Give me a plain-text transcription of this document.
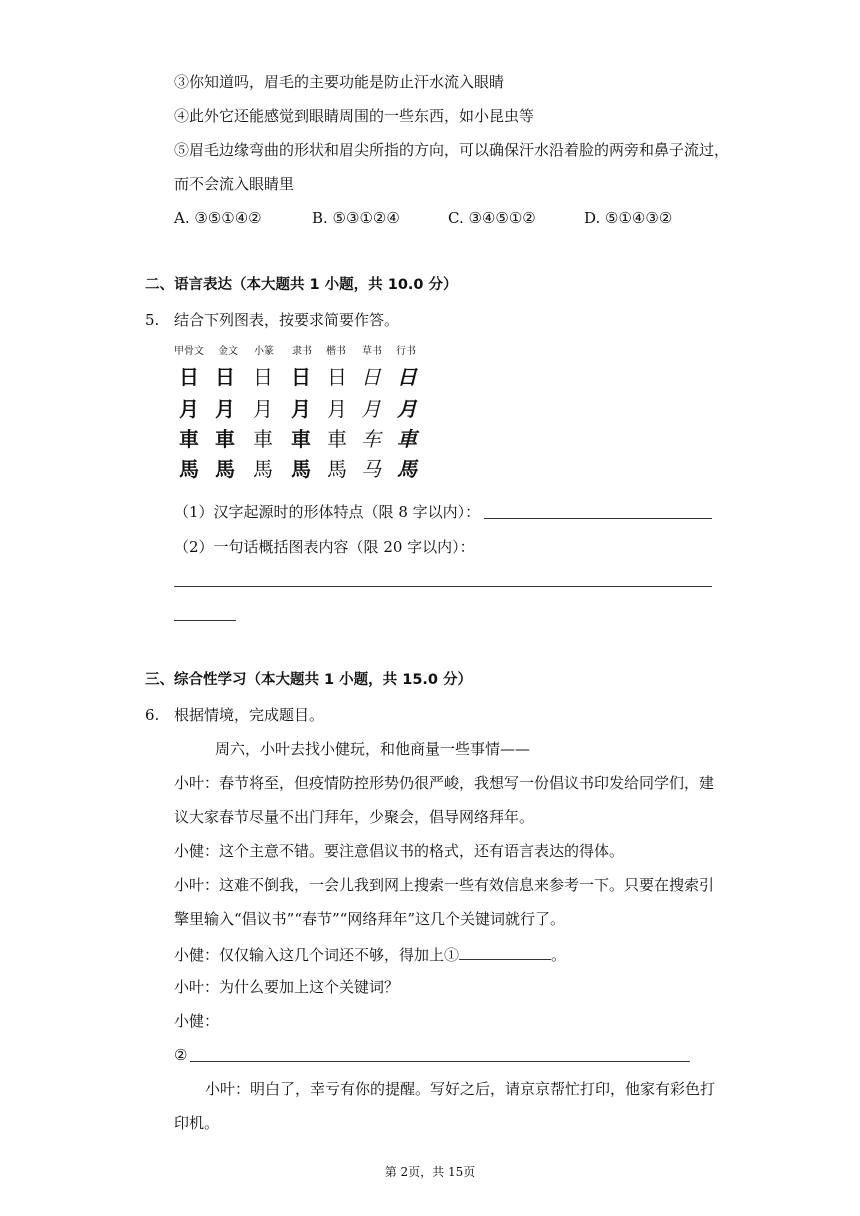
③你知道吗，眉毛的主要功能是防止汗水流入眼睛
④此外它还能感觉到眼睛周围的一些东西，如小昆虫等
⑤眉毛边缘弯曲的形状和眉尖所指的方向，可以确保汗水沿着脸的两旁和鼻子流过，
而不会流入眼睛里
A. ③⑤①④②	B. ⑤③①②④	C. ③④⑤①②	D. ⑤①④③②
二、语言表达（本大题共 1 小题，共 10.0 分）
5. 结合下列图表，按要求简要作答。
甲骨文 金文 小篆 隶书 楷书 草书 行书
日 日 日 日 日 日 日
月 月 月 月 月 月 月
車 車 車 車 車 车 車
馬 馬 馬 馬 馬 马 馬
（1）汉字起源时的形体特点（限 8 字以内）：
（2）一句话概括图表内容（限 20 字以内）：
三、综合性学习（本大题共 1 小题，共 15.0 分）
6. 根据情境，完成题目。
周六，小叶去找小健玩，和他商量一些事情——
小叶：春节将至，但疫情防控形势仍很严峻，我想写一份倡议书印发给同学们，建
议大家春节尽量不出门拜年，少聚会，倡导网络拜年。
小健：这个主意不错。要注意倡议书的格式，还有语言表达的得体。
小叶：这难不倒我，一会儿我到网上搜索一些有效信息来参考一下。只要在搜索引
擎里输入“倡议书”“春节”“网络拜年”这几个关键词就行了。
小健：仅仅输入这几个词还不够，得加上①	。
小叶：为什么要加上这个关键词？
小健：
②
小叶：明白了，幸亏有你的提醒。写好之后，请京京帮忙打印，他家有彩色打
印机。
第 2页，共 15页
